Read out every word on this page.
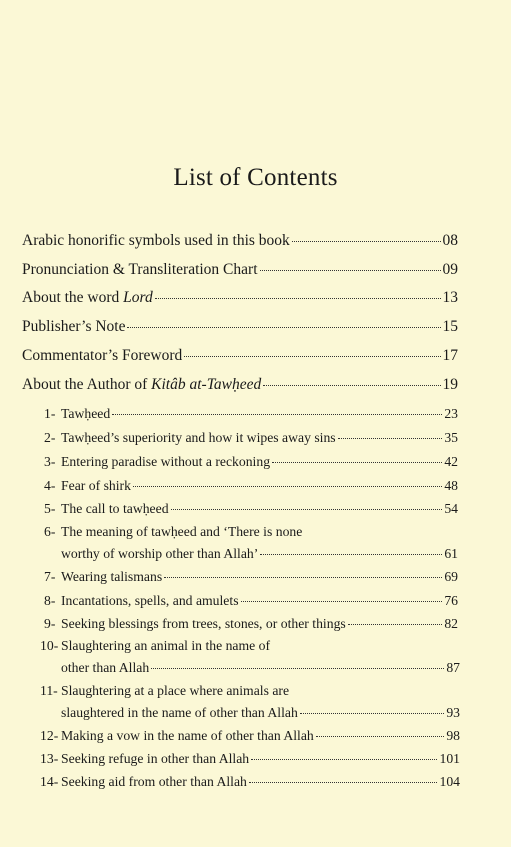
List of Contents
Arabic honorific symbols used in this book	08
Pronunciation & Transliteration Chart	09
About the word Lord	13
Publisher’s Note	15
Commentator’s Foreword	17
About the Author of Kitâb at-Tawḥeed	19
1- Tawḥeed	23
2- Tawḥeed’s superiority and how it wipes away sins	35
3- Entering paradise without a reckoning	42
4- Fear of shirk	48
5- The call to tawḥeed	54
6- The meaning of tawḥeed and ‘There is none
worthy of worship other than Allah’	61
7- Wearing talismans	69
8- Incantations, spells, and amulets	76
9- Seeking blessings from trees, stones, or other things	82
10- Slaughtering an animal in the name of
other than Allah	87
11- Slaughtering at a place where animals are
slaughtered in the name of other than Allah	93
12- Making a vow in the name of other than Allah	98
13- Seeking refuge in other than Allah	101
14- Seeking aid from other than Allah	104
